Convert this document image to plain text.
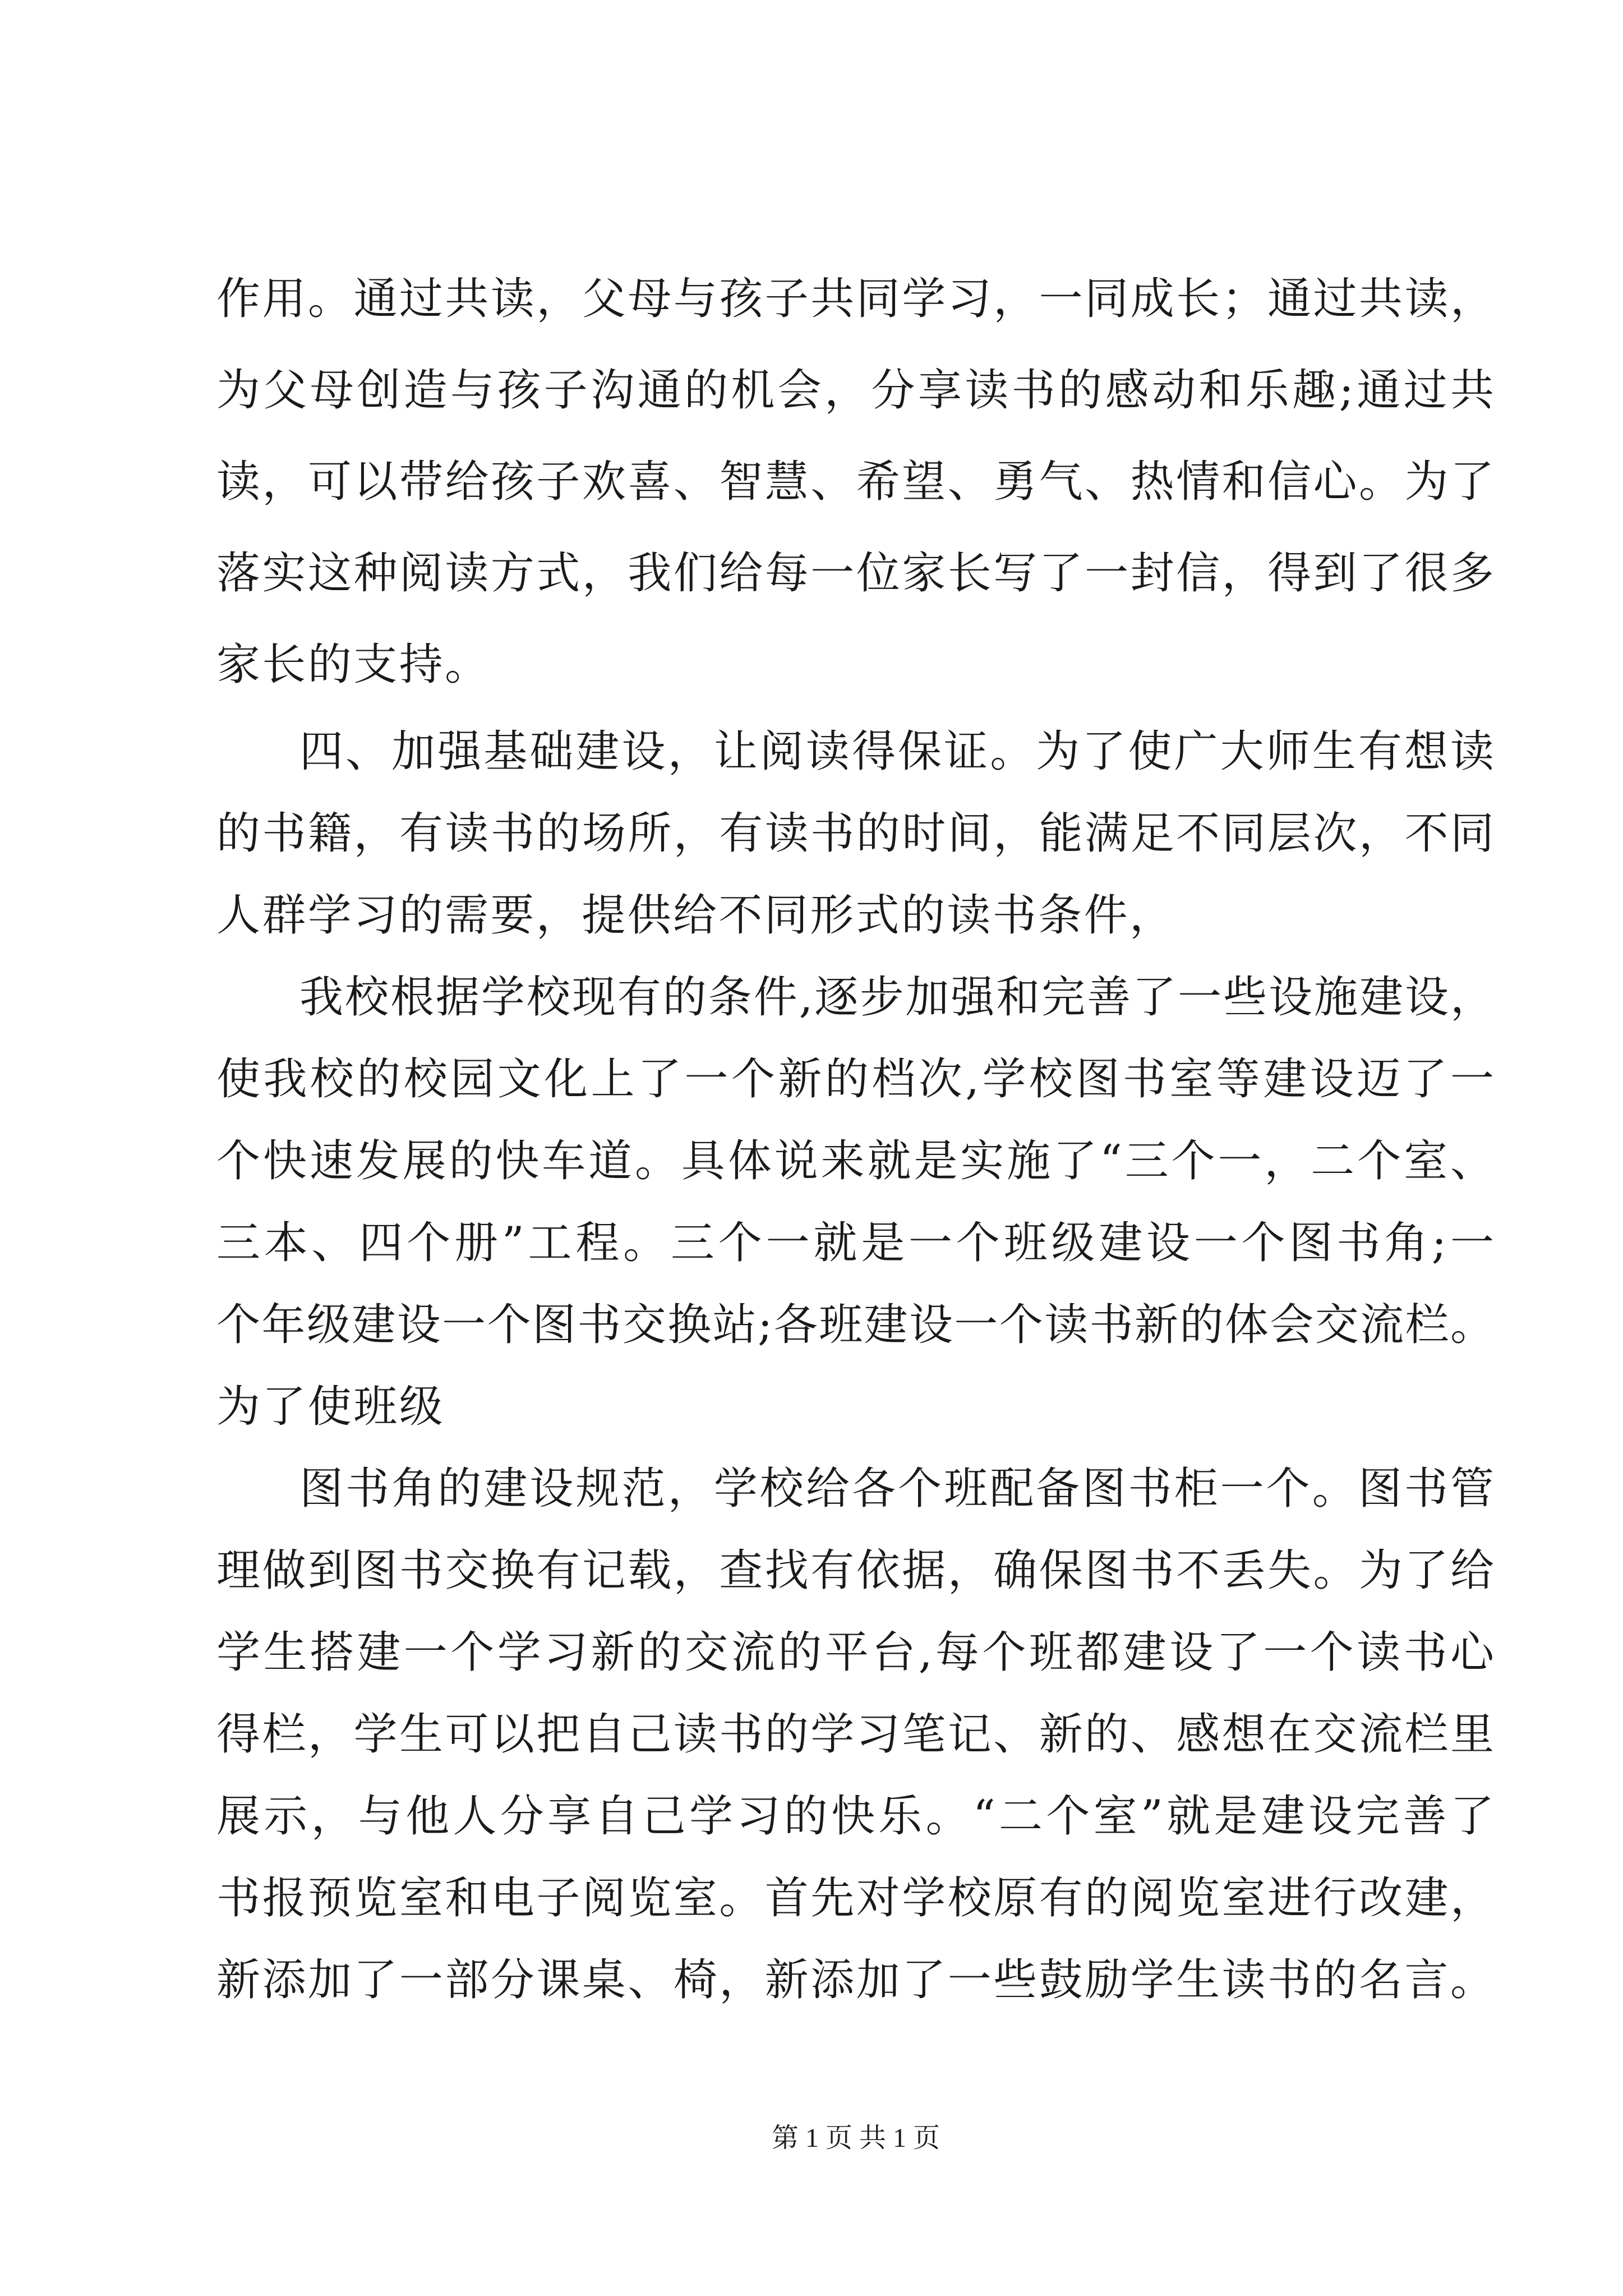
作用。通过共读，父母与孩子共同学习，一同成长；通过共读，
为父母创造与孩子沟通的机会，分享读书的感动和乐趣;通过共
读，可以带给孩子欢喜、智慧、希望、勇气、热情和信心。为了
落实这种阅读方式，我们给每一位家长写了一封信，得到了很多
家长的支持。
四、加强基础建设，让阅读得保证。为了使广大师生有想读
的书籍，有读书的场所，有读书的时间，能满足不同层次，不同
人群学习的需要，提供给不同形式的读书条件，
我校根据学校现有的条件,逐步加强和完善了一些设施建设，
使我校的校园文化上了一个新的档次,学校图书室等建设迈了一
个快速发展的快车道。具体说来就是实施了“三个一，二个室、
三本、四个册”工程。三个一就是一个班级建设一个图书角;一
个年级建设一个图书交换站;各班建设一个读书新的体会交流栏。
为了使班级
图书角的建设规范，学校给各个班配备图书柜一个。图书管
理做到图书交换有记载，查找有依据，确保图书不丢失。为了给
学生搭建一个学习新的交流的平台,每个班都建设了一个读书心
得栏，学生可以把自己读书的学习笔记、新的、感想在交流栏里
展示，与他人分享自己学习的快乐。“二个室”就是建设完善了
书报预览室和电子阅览室。首先对学校原有的阅览室进行改建，
新添加了一部分课桌、椅，新添加了一些鼓励学生读书的名言。
第 1 页 共 1 页
